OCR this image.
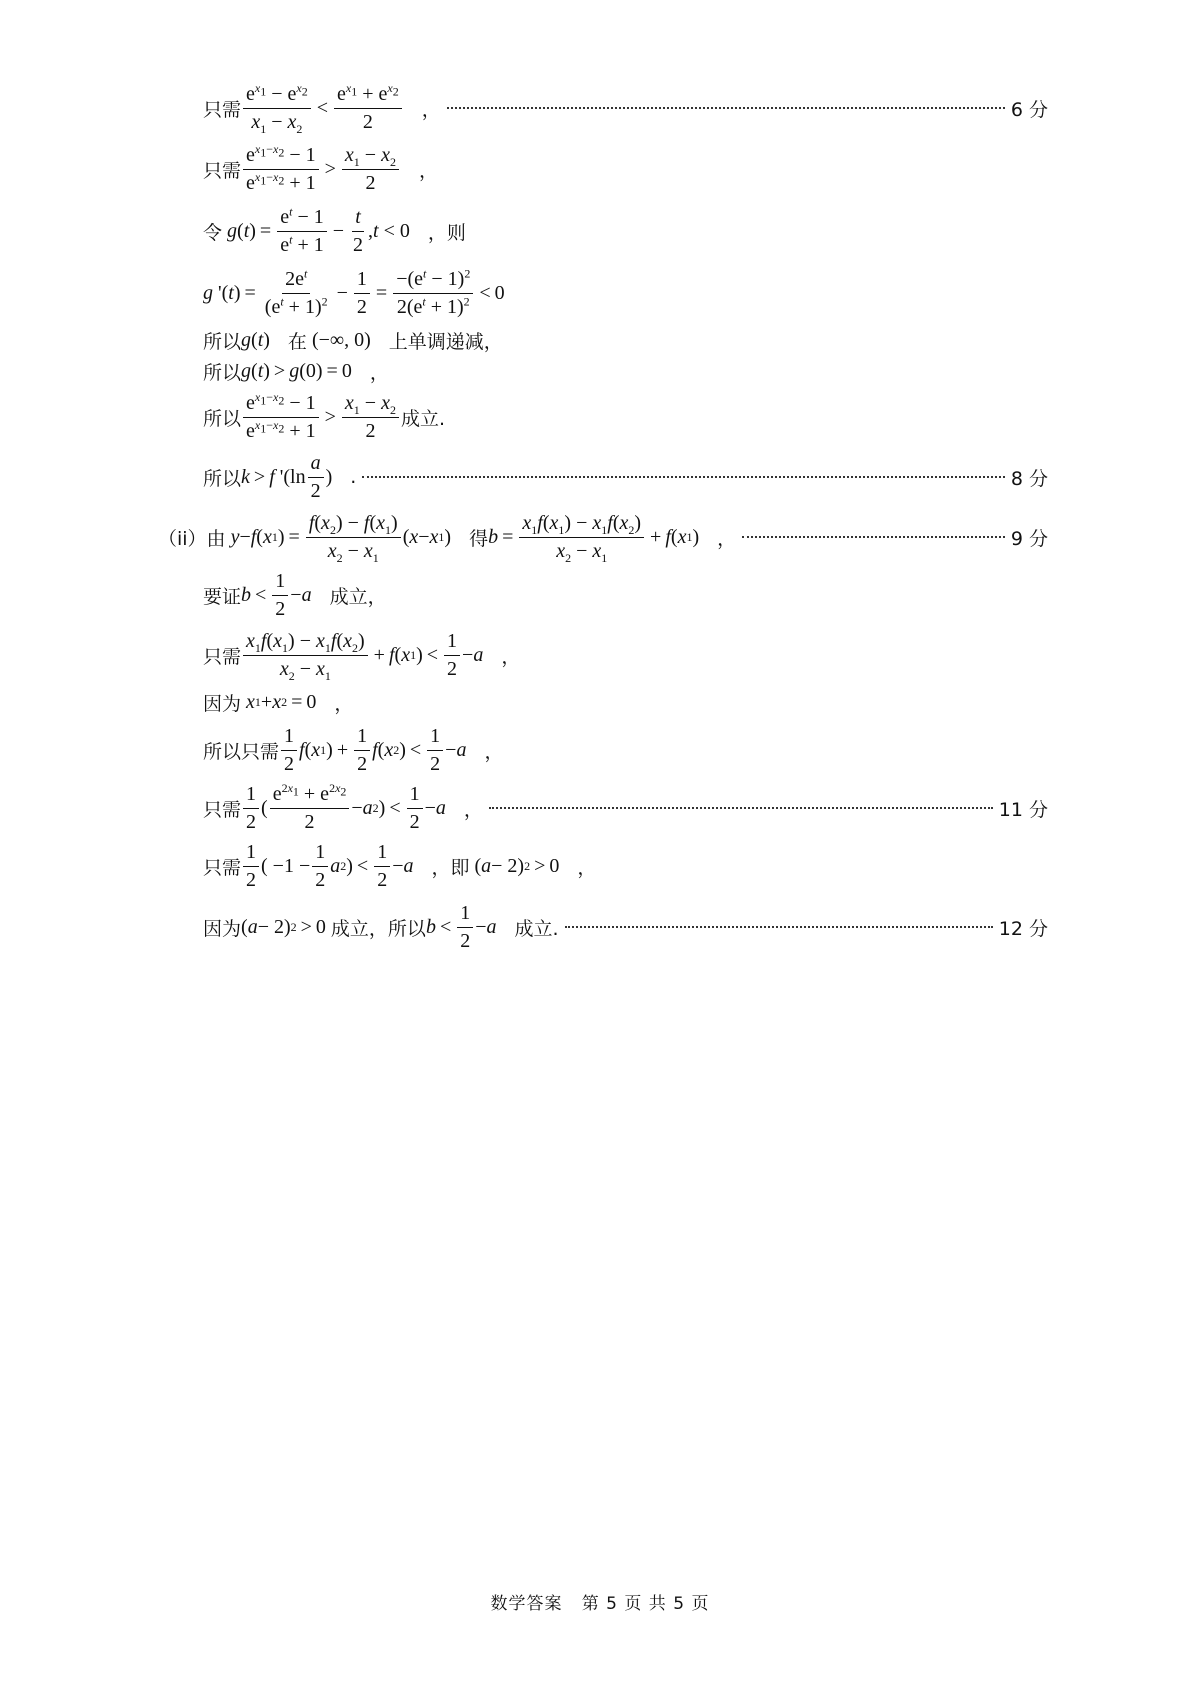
只需 $\frac{e^{x_1} - e^{x_2}}{x_1 - x_2} < \frac{e^{x_1} + e^{x_2}}{2}$ ，	6 分
只需 $\frac{e^{x_1-x_2} - 1}{e^{x_1-x_2} + 1} > \frac{x_1 - x_2}{2}$ ，
令
g ( t ) = $\frac{e^t - 1}{e^t + 1} - \frac{t}{2}$ , t < 0 ，则
g '( t ) = $\frac{2e^t}{(e^t + 1)^2} - \frac{1}{2} = \frac{-(e^t - 1)^2}{2(e^t + 1)^2} < 0$
所以 g ( t ) 在 (−∞, 0) 上单调递减，
所以 g ( t ) > g (0) = 0 ，
所以 $\frac{e^{x_1-x_2} - 1}{e^{x_1-x_2} + 1} > \frac{x_1 - x_2}{2}$ 成立.
所以 k > f '($\ln \frac{a}{2}$ ) .	8 分
（ii）由
y − f ( x 1 ) = $\frac{f(x_2) - f(x_1)}{x_2 - x_1}$ ( x − x 1 ) 得 $b = \frac{x_1f(x_1) - x_1f(x_2)}{x_2 - x_1} + f$ ( x 1 ) ，	9 分
要证 $b < \frac{1}{2} - a$ 成立，
只需 $\frac{x_1f(x_1) - x_1f(x_2)}{x_2 - x_1} + f$ ( x 1 ) < $\frac{1}{2} - a$ ，
因为
x 1 + x 2 = 0 ，
所以只需 $\frac{1}{2}$ f ( x 1 ) + $\frac{1}{2}$ f ( x 2 ) < $\frac{1}{2} - a$ ，
只需 $\frac{1}{2}$ ( $\frac{e^{2x_1} + e^{2x_2}}{2} - a$ 2 ) < $\frac{1}{2} - a$ ，	11 分
只需 $\frac{1}{2}$ ( $-1 - \frac{1}{2}$ a 2 ) < $\frac{1}{2} - a$ ，即 ( a − 2) 2 > 0 ，
因为 ( a − 2) 2 > 0 成立，所以 $b < \frac{1}{2} - a$ 成立.	12 分
数学答案 第 5 页 共 5 页
